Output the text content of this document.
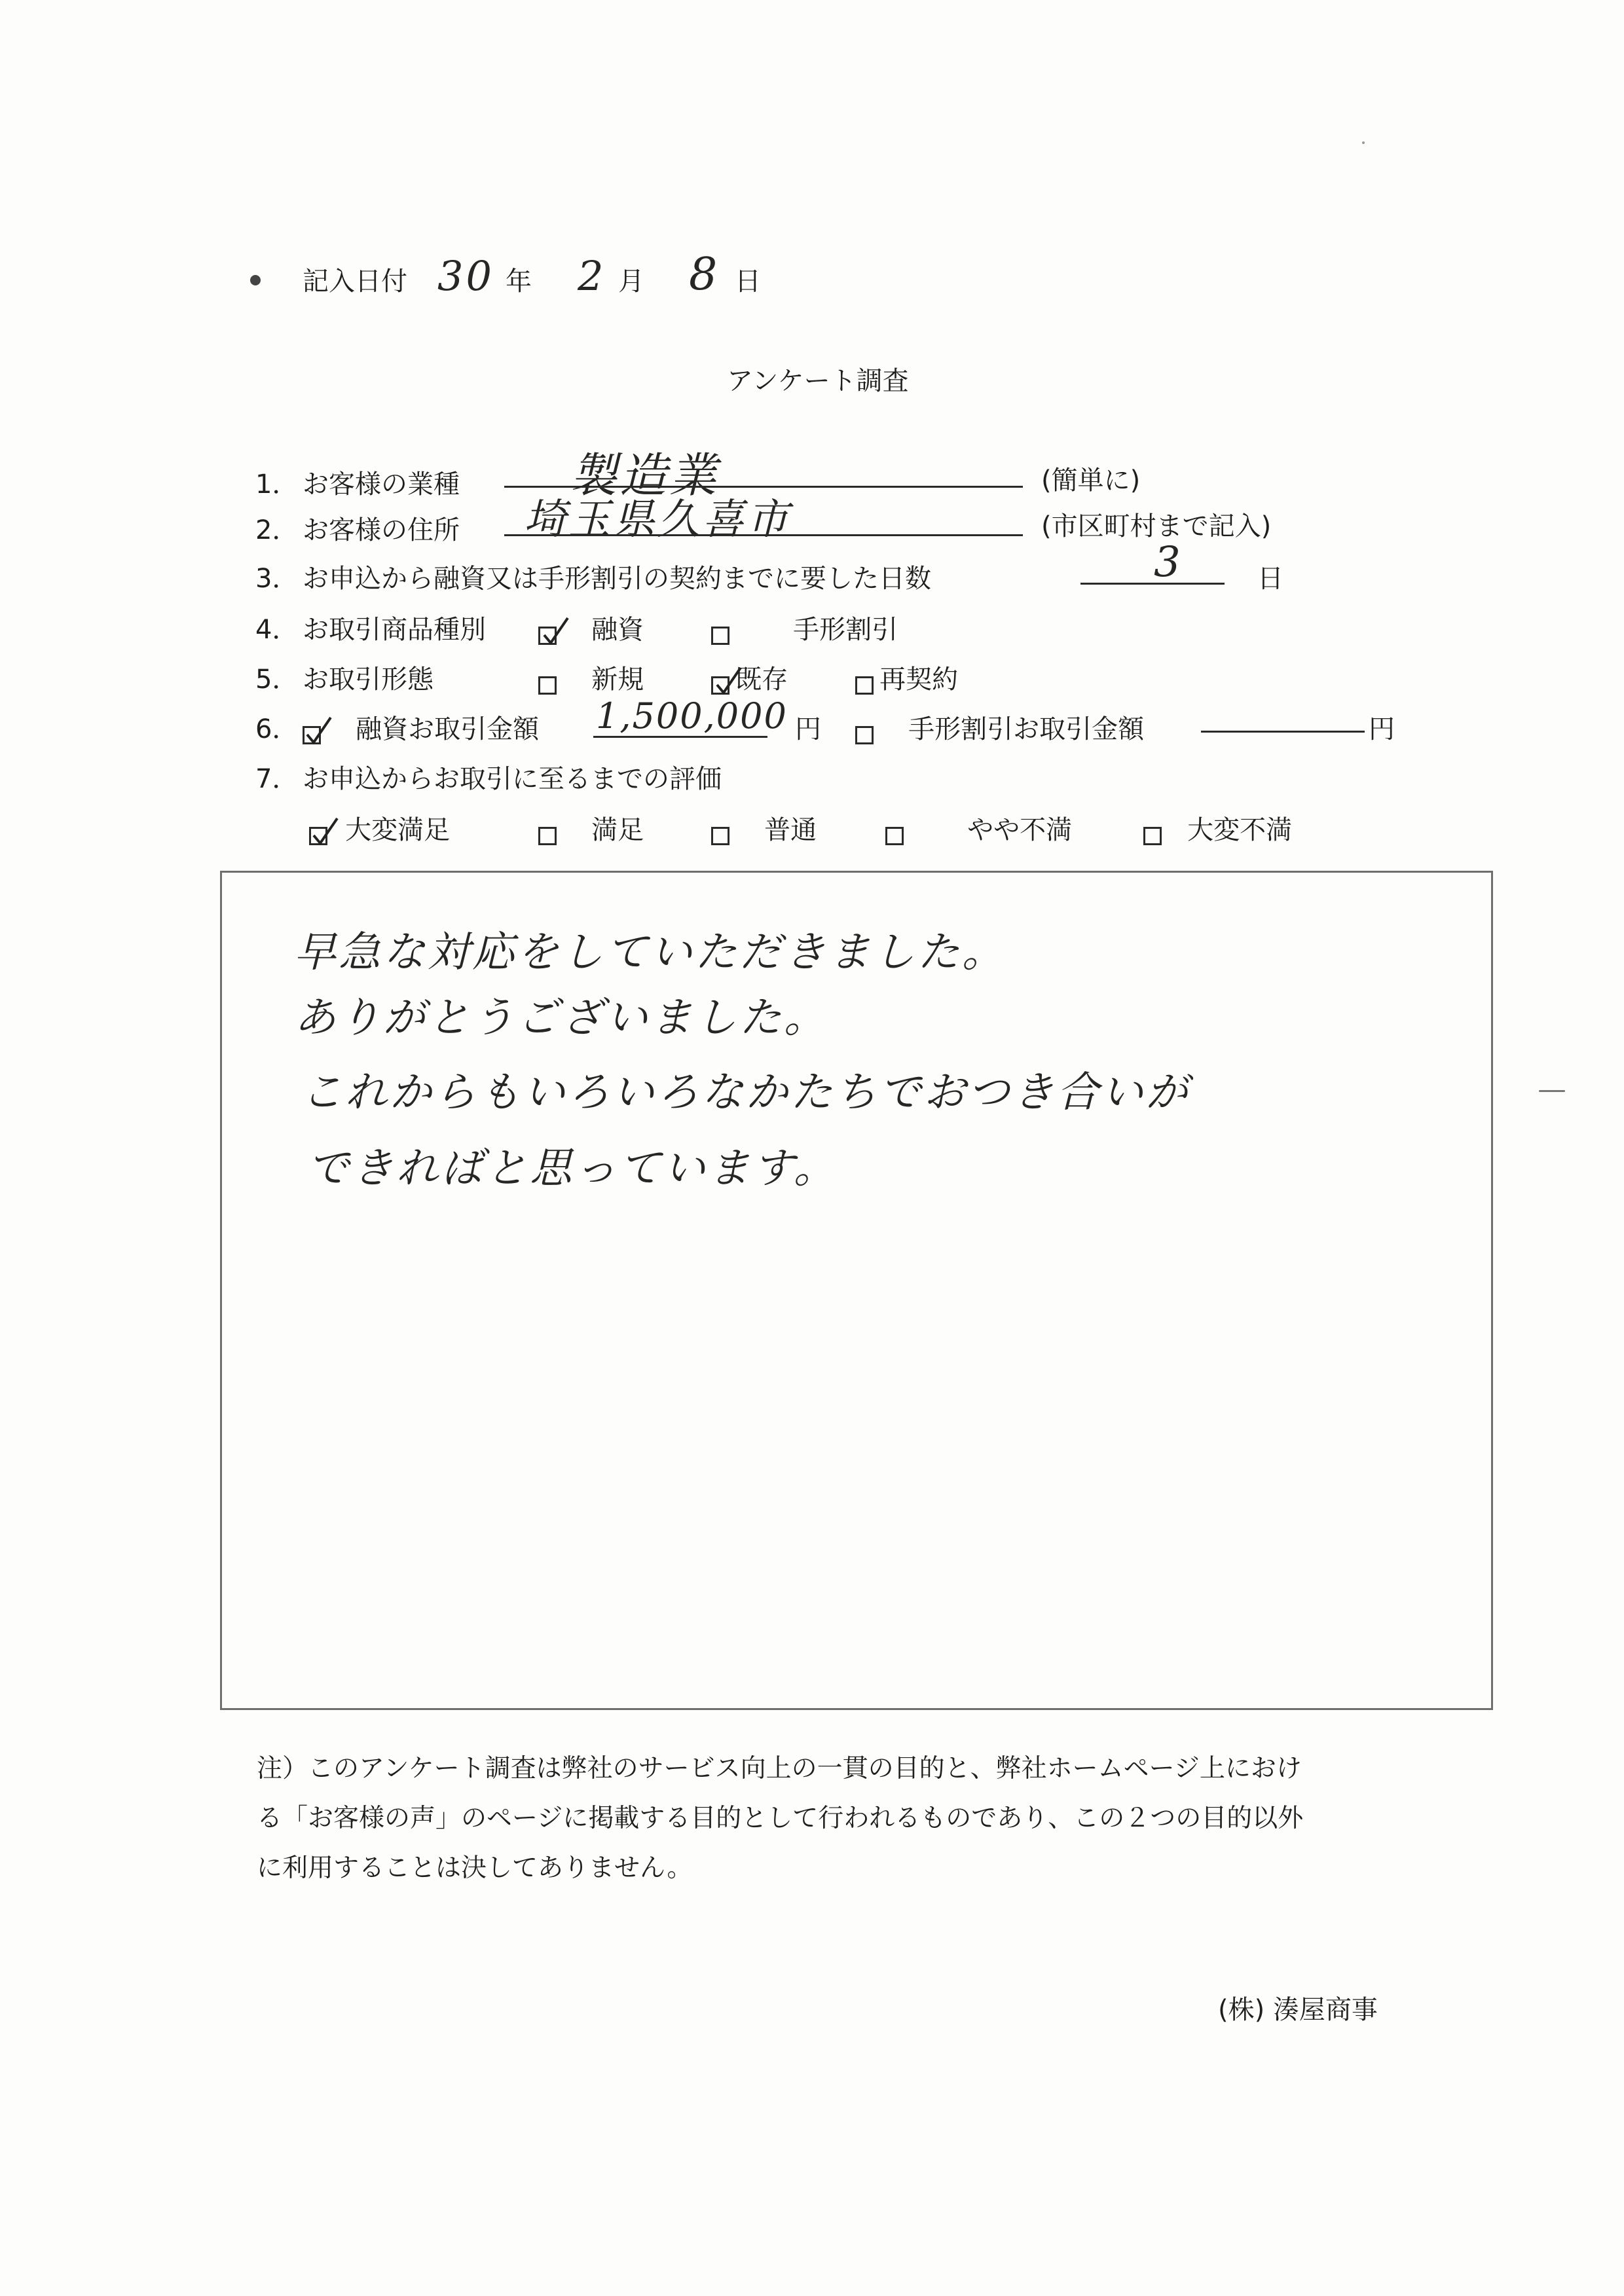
記入日付 30 年 2 月 8 日
アンケート調査
1． お客様の業種 製造業	(簡単に)
2． お客様の住所 埼玉県久喜市	(市区町村まで記入)
3． お申込から融資又は手形割引の契約までに要した日数	3	日
4． お取引商品種別	融資	手形割引
5． お取引形態	新規	既存	再契約
6．	融資お取引金額 1,500,000 円	手形割引お取引金額	円
7． お申込からお取引に至るまでの評価
大変満足	満足	普通	やや不満	大変不満
早急な対応をしていただきました。
ありがとうございました。
これからもいろいろなかたちでおつき合いが
できればと思っています。
注）このアンケート調査は弊社のサービス向上の一貫の目的と、弊社ホームページ上におけ
る「お客様の声」のページに掲載する目的として行われるものであり、この２つの目的以外
に利用することは決してありません。
(株) 湊屋商事
